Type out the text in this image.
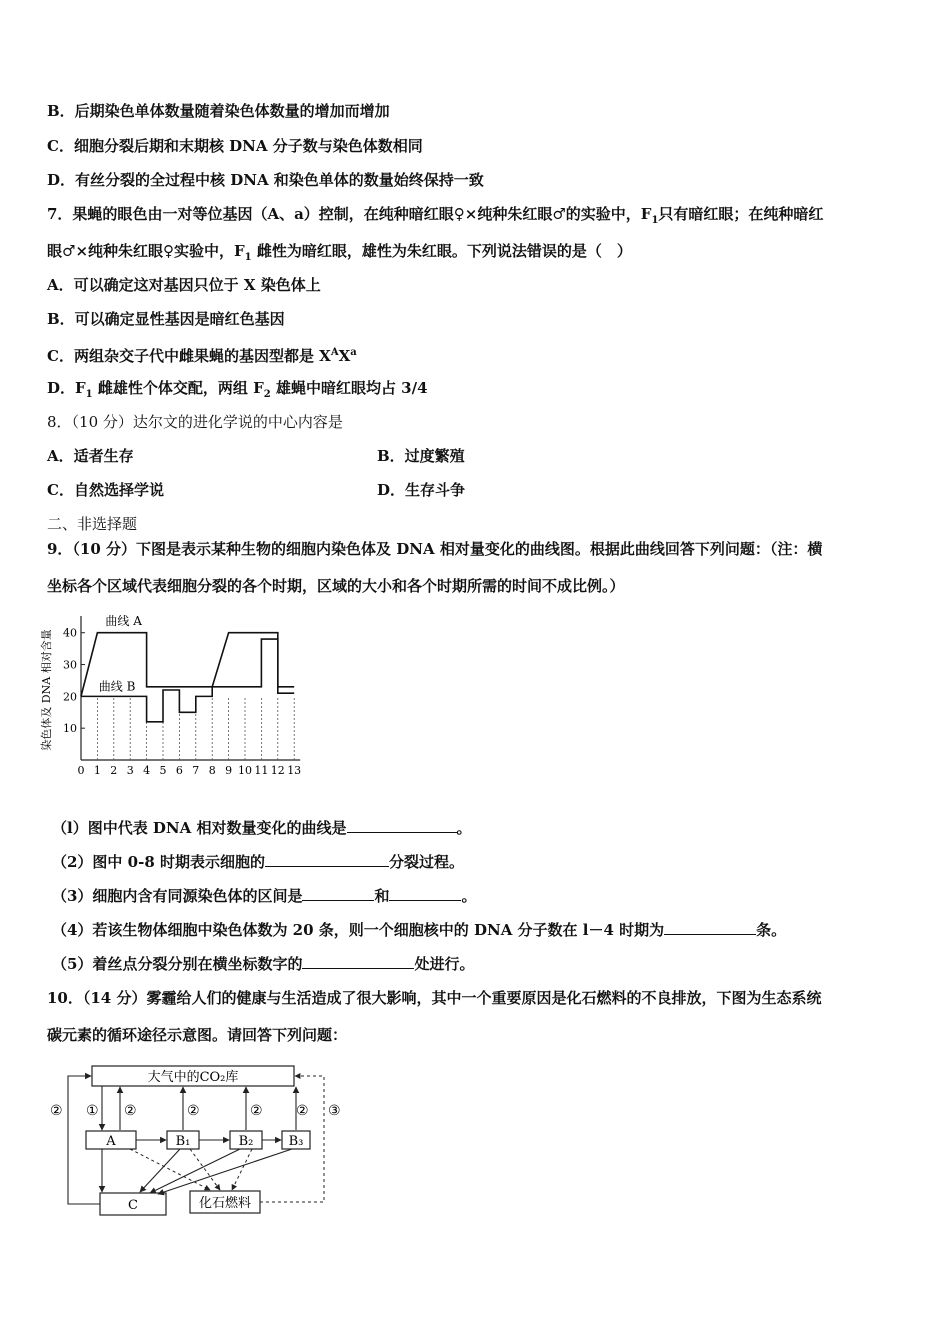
B．后期染色单体数量随着染色体数量的增加而增加
C．细胞分裂后期和末期核 DNA 分子数与染色体数相同
D．有丝分裂的全过程中核 DNA 和染色单体的数量始终保持一致
7．果蝇的眼色由一对等位基因（A、a）控制，在纯种暗红眼♀×纯种朱红眼♂的实验中，$F_1$只有暗红眼；在纯种暗红
眼♂×纯种朱红眼♀实验中，$F_1$ 雌性为暗红眼，雄性为朱红眼。下列说法错误的是（　）
A．可以确定这对基因只位于 X 染色体上
B．可以确定显性基因是暗红色基因
C．两组杂交子代中雌果蝇的基因型都是 $X^AX^a$
D．$F_1$ 雌雄性个体交配，两组 $F_2$ 雄蝇中暗红眼均占 3/4
8．（10 分）达尔文的进化学说的中心内容是
A．适者生存	B．过度繁殖
C．自然选择学说	D．生存斗争
二、非选择题
9．（10 分）下图是表示某种生物的细胞内染色体及 DNA 相对量变化的曲线图。根据此曲线回答下列问题：（注：横
坐标各个区域代表细胞分裂的各个时期，区域的大小和各个时期所需的时间不成比例。）
10
20
30
40
0 1 2 3 4 5 6 7 8 9 10 11 12 13
染色体及 DNA 相对含量
曲线 A
曲线 B
（l）图中代表 DNA 相对数量变化的曲线是	。
（2）图中 0-8 时期表示细胞的	分裂过程。
（3）细胞内含有同源染色体的区间是	和	。
（4）若该生物体细胞中染色体数为 20 条，则一个细胞核中的 DNA 分子数在 l－4 时期为	条。
（5）着丝点分裂分别在横坐标数字的	处进行。
10．（14 分）雾霾给人们的健康与生活造成了很大影响，其中一个重要原因是化石燃料的不良排放，下图为生态系统
碳元素的循环途径示意图。请回答下列问题：
大气中的CO₂库
A	B₁	B₂	B₃
C	化石燃料
② ① ②	②	② ② ③
